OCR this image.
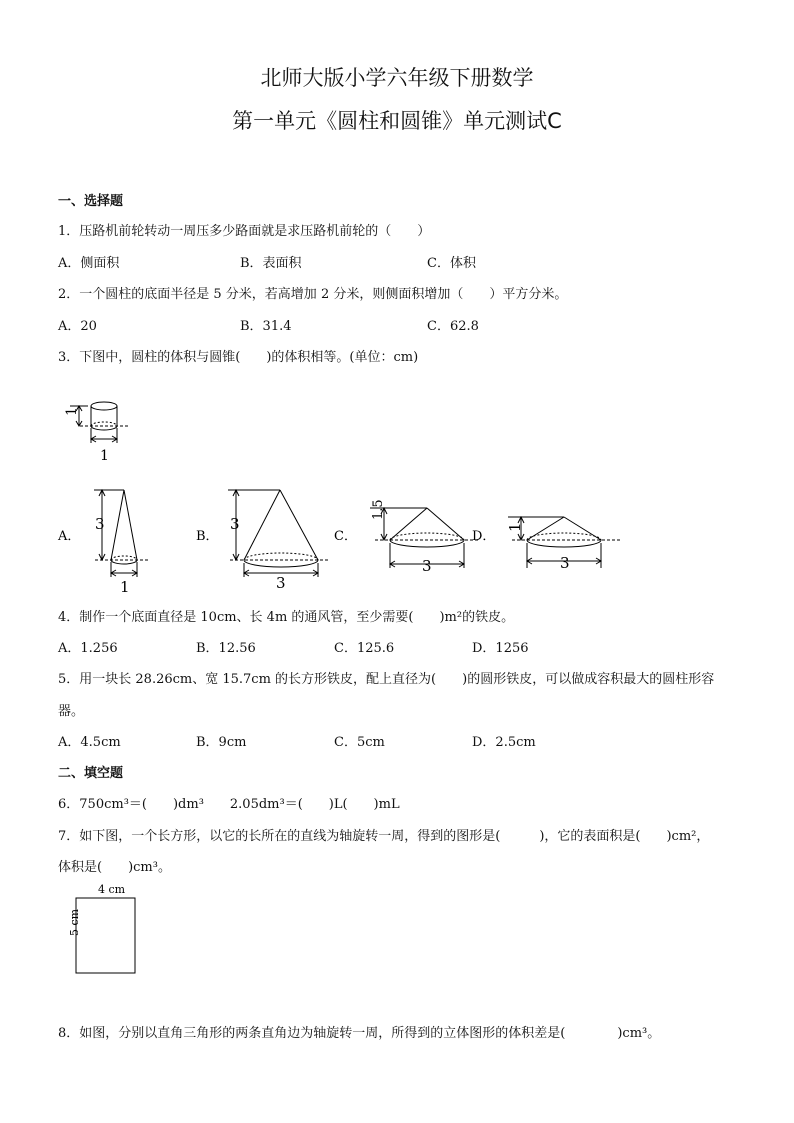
北师大版小学六年级下册数学
第一单元《圆柱和圆锥》单元测试C
一、选择题
1．压路机前轮转动一周压多少路面就是求压路机前轮的（　　）
A．侧面积	B．表面积	C．体积
2．一个圆柱的底面半径是 5 分米，若高增加 2 分米，则侧面积增加（　　）平方分米。
A．20	B．31.4	C．62.8
3．下图中，圆柱的体积与圆锥(　　)的体积相等。(单位：cm)
1
1
A．
3
1
B．
3
3
C．
1.5
3
D．
1
3
4．制作一个底面直径是 10cm、长 4m 的通风管，至少需要(　　)m²的铁皮。
A．1.256	B．12.56	C．125.6	D．1256
5．用一块长 28.26cm、宽 15.7cm 的长方形铁皮，配上直径为(　　)的圆形铁皮，可以做成容积最大的圆柱形容
器。
A．4.5cm	B．9cm	C．5cm	D．2.5cm
二、填空题
6．750cm³＝(　　)dm³　　2.05dm³＝(　　)L(　　)mL
7．如下图，一个长方形，以它的长所在的直线为轴旋转一周，得到的图形是(　　　)，它的表面积是(　　)cm²，
体积是(　　)cm³。
4 cm
5 cm
8．如图，分别以直角三角形的两条直角边为轴旋转一周，所得到的立体图形的体积差是(　　　　)cm³。
